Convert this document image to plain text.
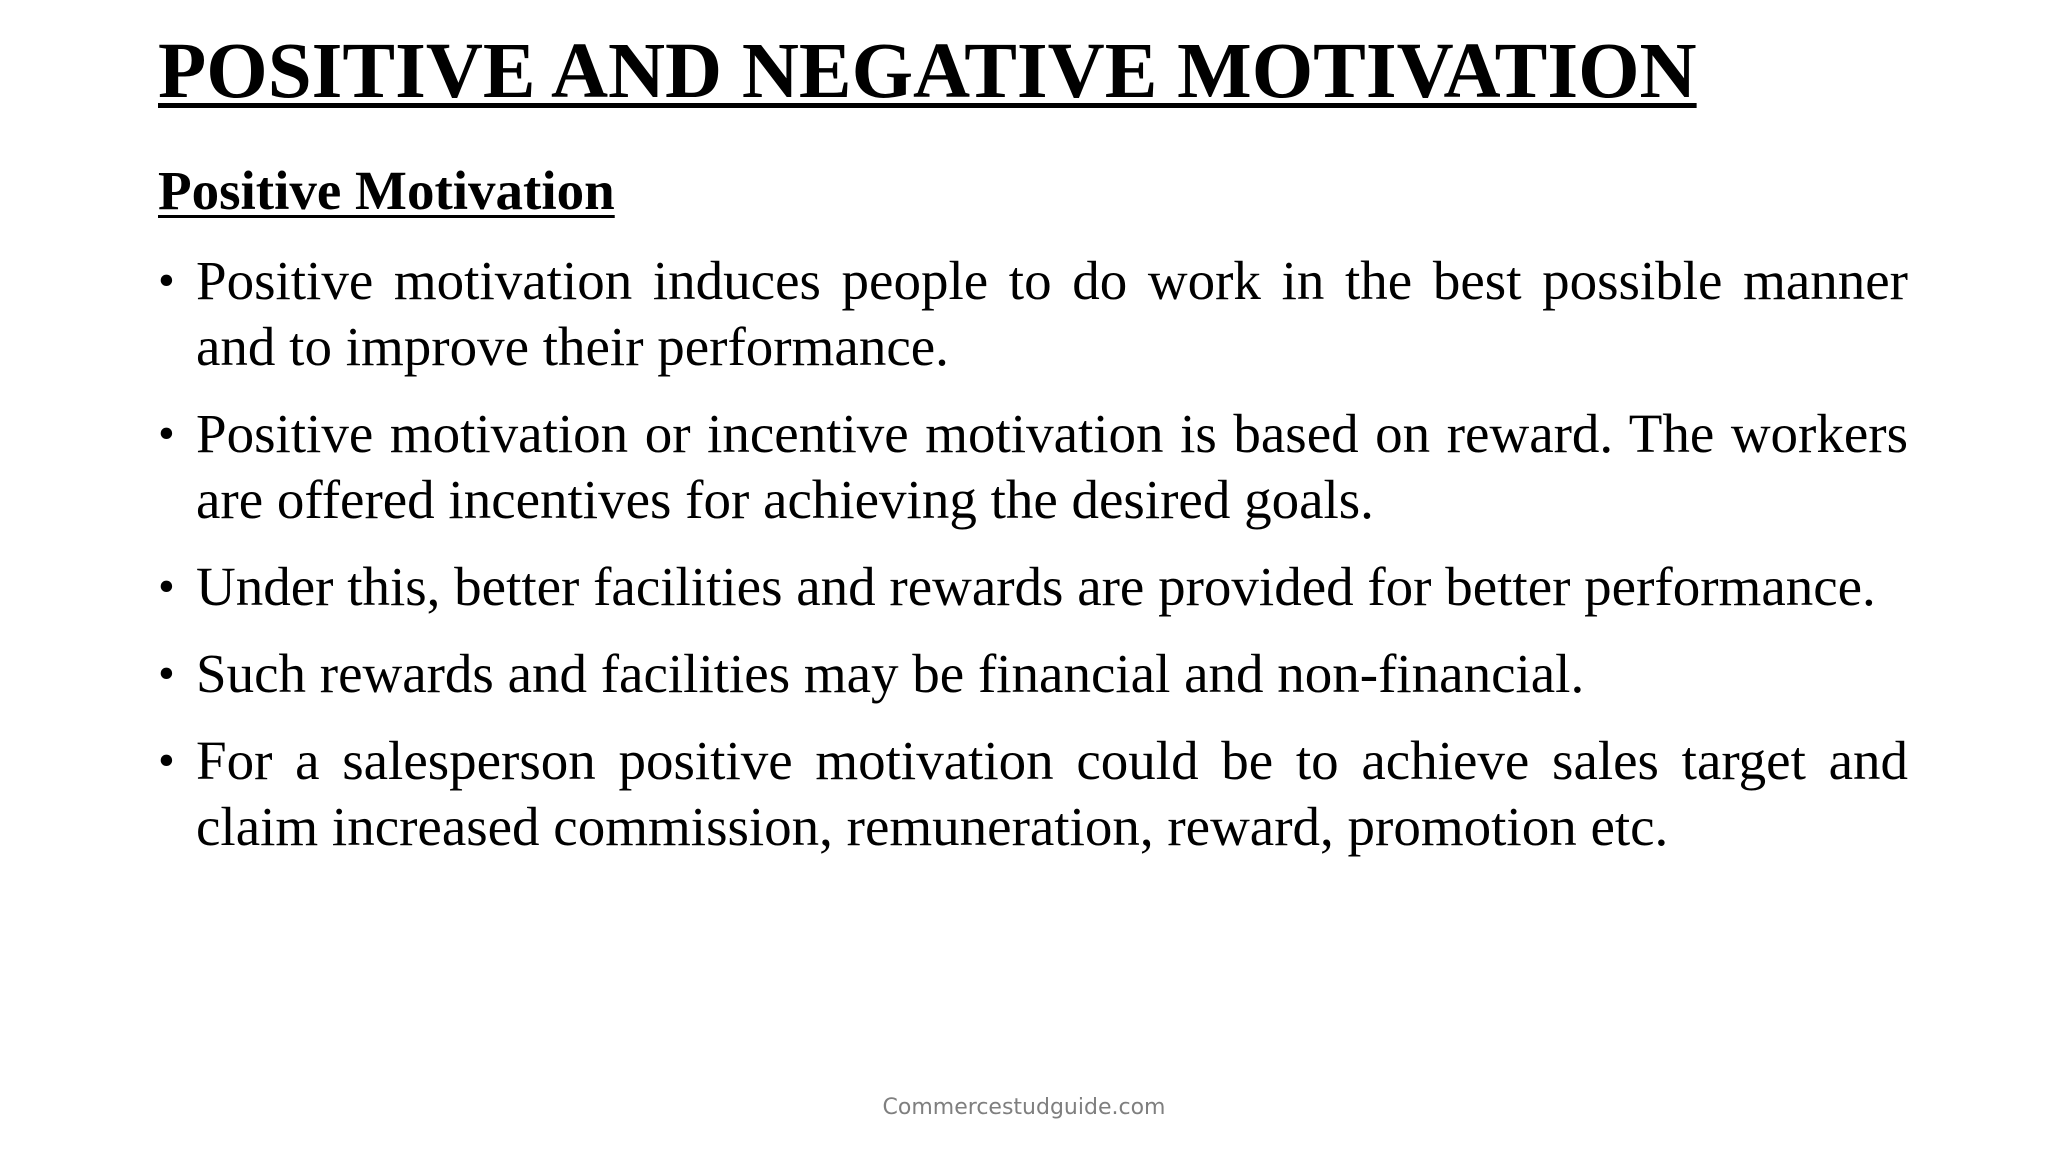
POSITIVE AND NEGATIVE MOTIVATION
Positive Motivation
• Positive motivation induces people to do work in the best possible manner and to improve their performance.
• Positive motivation or incentive motivation is based on reward. The workers are offered incentives for achieving the desired goals.
• Under this, better facilities and rewards are provided for better performance.
• Such rewards and facilities may be financial and non-financial.
• For a salesperson positive motivation could be to achieve sales target and claim increased commission, remuneration, reward, promotion etc.
Commercestudguide.com
